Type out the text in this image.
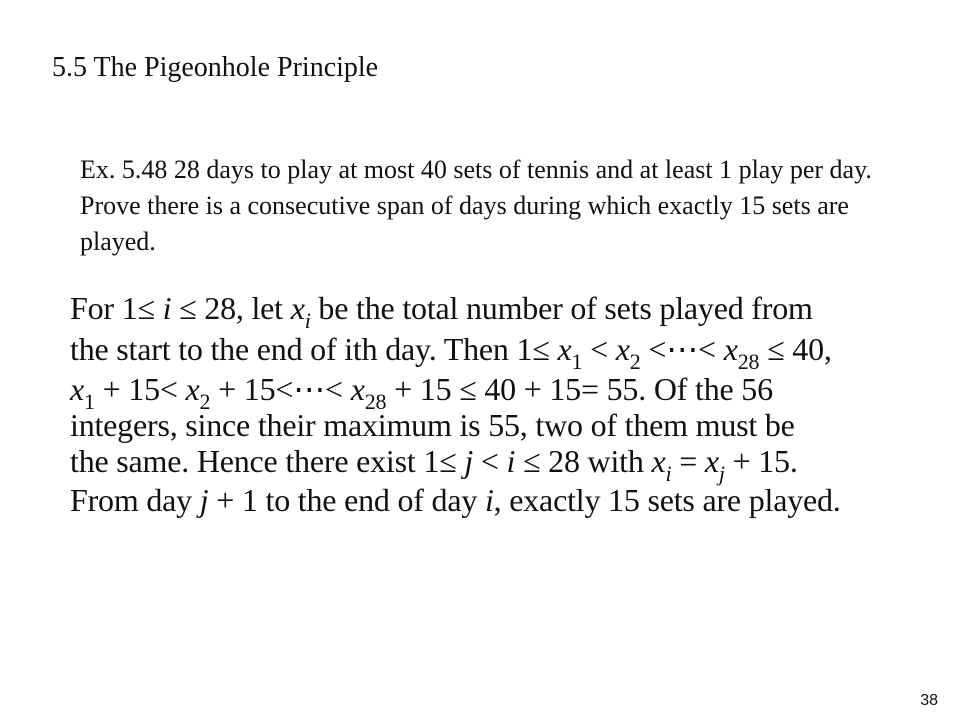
5.5 The Pigeonhole Principle
Ex. 5.48 28 days to play at most 40 sets of tennis and at least 1 play per day. Prove there is a consecutive span of days during which exactly 15 sets are played.
For 1≤ i ≤ 28, let $x_i$ be the total number of sets played from
the start to the end of ith day. Then $1\le x_1 < x_2$ <⋯< $x_{28} \le 40$,
$x_1 + 15< x_2$ + 15<⋯< $x_{28} + 15 \le 40 + 15= 55$. Of the 56
integers, since their maximum is 55, two of them must be
the same. Hence there exist 1≤ j < i ≤ 28 with $x_i = x_j + 15$.
From day j + 1 to the end of day i, exactly 15 sets are played.
38
